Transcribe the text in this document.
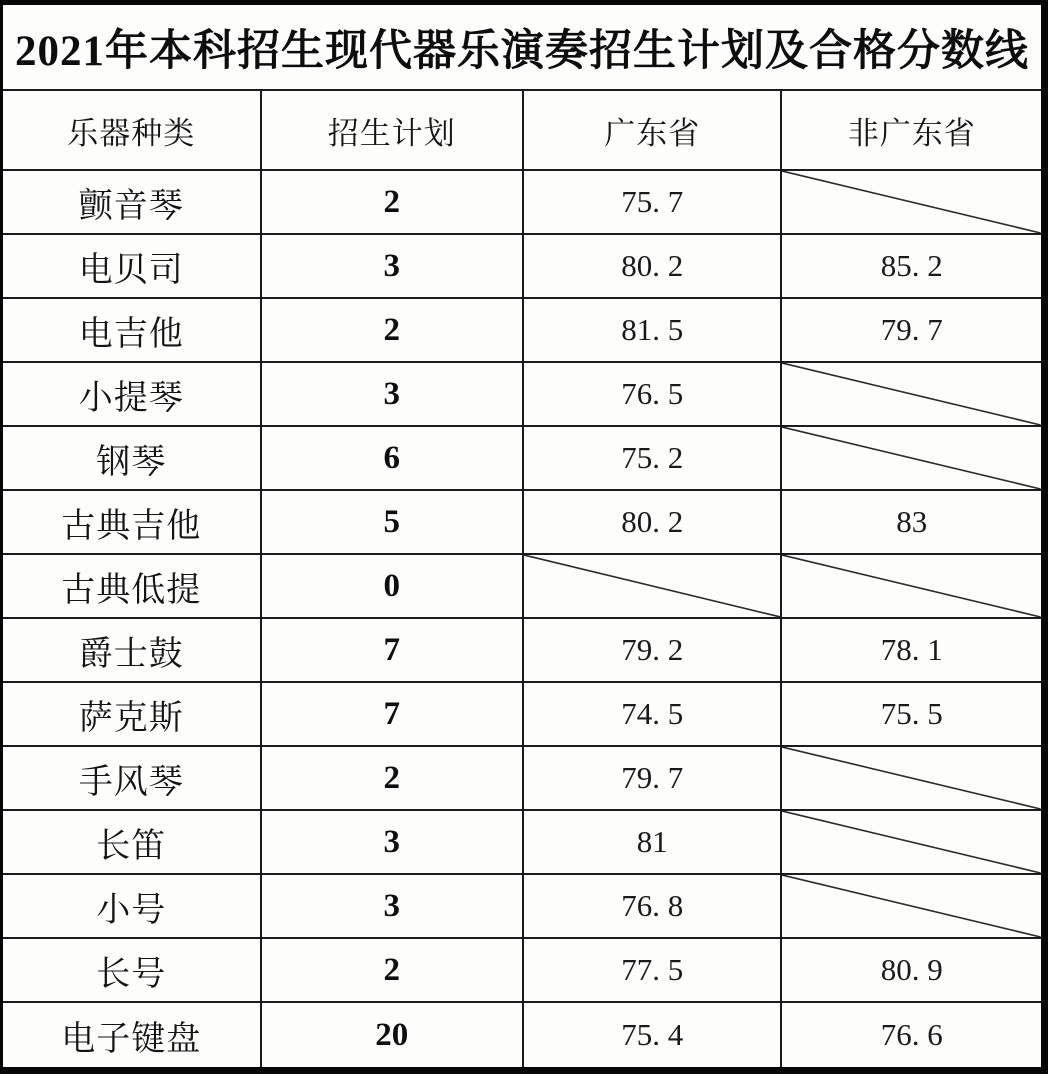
2021年本科招生现代器乐演奏招生计划及合格分数线
乐器种类	招生计划	广东省	非广东省
颤音琴	2	75. 7
电贝司	3	80. 2	85. 2
电吉他	2	81. 5	79. 7
小提琴	3	76. 5
钢琴	6	75. 2
古典吉他	5	80. 2	83
古典低提	0
爵士鼓	7	79. 2	78. 1
萨克斯	7	74. 5	75. 5
手风琴	2	79. 7
长笛	3	81
小号	3	76. 8
长号	2	77. 5	80. 9
电子键盘	20	75. 4	76. 6
